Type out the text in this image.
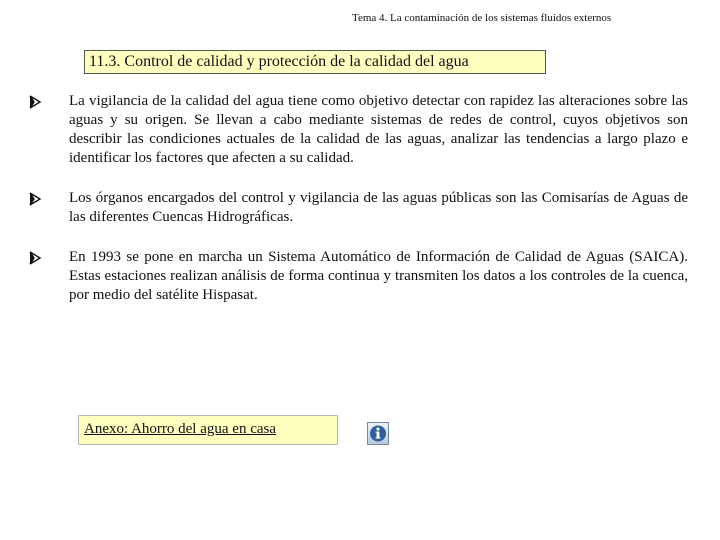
Tema 4. La contaminación de los sistemas fluidos externos
11.3. Control de calidad y protección de la calidad del agua
La vigilancia de la calidad del agua tiene como objetivo detectar con rapidez las alteraciones sobre las aguas y su origen. Se llevan a cabo mediante sistemas de redes de control, cuyos objetivos son describir las condiciones actuales de la calidad de las aguas, analizar las tendencias a largo plazo e identificar los factores que afecten a su calidad.
Los órganos encargados del control y vigilancia de las aguas públicas son las Comisarías de Aguas de las diferentes Cuencas Hidrográficas.
En 1993 se pone en marcha un Sistema Automático de Información de Calidad de Aguas (SAICA). Estas estaciones realizan análisis de forma continua y transmiten los datos a los controles de la cuenca, por medio del satélite Hispasat.
Anexo: Ahorro del agua en casa
